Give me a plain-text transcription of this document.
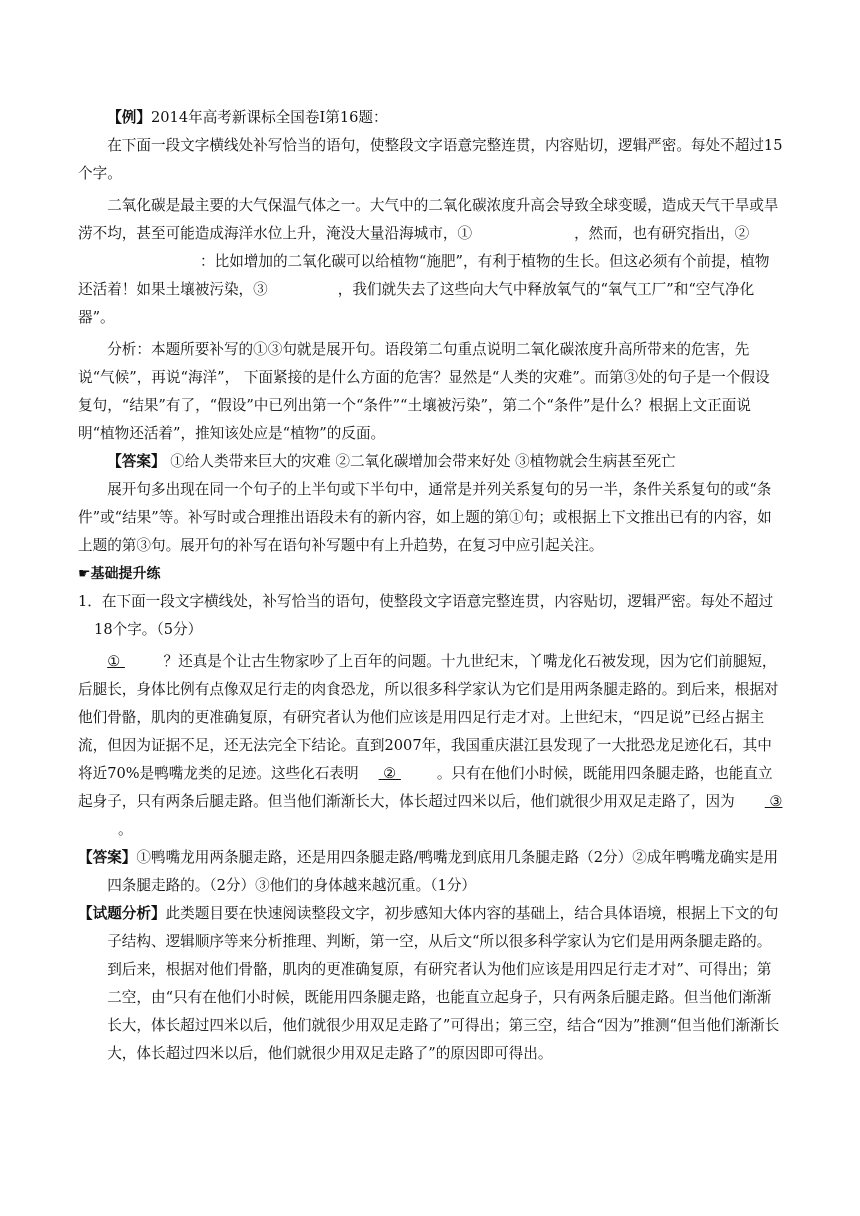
【例】2014年高考新课标全国卷Ⅰ第16题：

在下面一段文字横线处补写恰当的语句，使整段文字语意完整连贯，内容贴切，逻辑严密。每处不超过15个字。

二氧化碳是最主要的大气保温气体之一。大气中的二氧化碳浓度升高会导致全球变暖，造成天气干旱或旱涝不均，甚至可能造成海洋水位上升，淹没大量沿海城市，①	，然而，也有研究指出，②：比如增加的二氧化碳可以给植物“施肥”，有利于植物的生长。但这必须有个前提，植物还活着！如果土壤被污染，③	，我们就失去了这些向大气中释放氧气的“氧气工厂”和“空气净化器”。

分析：本题所要补写的①③句就是展开句。语段第二句重点说明二氧化碳浓度升高所带来的危害，先说“气候”，再说“海洋”， 下面紧接的是什么方面的危害？显然是“人类的灾难”。而第③处的句子是一个假设复句，“结果”有了，“假设”中已列出第一个“条件”“土壤被污染”，第二个“条件”是什么？根据上文正面说明“植物还活着”，推知该处应是“植物”的反面。

【答案】 ①给人类带来巨大的灾难 ②二氧化碳增加会带来好处 ③植物就会生病甚至死亡

展开句多出现在同一个句子的上半句或下半句中，通常是并列关系复句的另一半，条件关系复句的或“条件”或“结果”等。补写时或合理推出语段未有的新内容，如上题的第①句；或根据上下文推出已有的内容，如上题的第③句。展开句的补写在语句补写题中有上升趋势，在复习中应引起关注。

☛基础提升练

1．在下面一段文字横线处，补写恰当的语句，使整段文字语意完整连贯，内容贴切，逻辑严密。每处不超过18个字。（5分）

①  ？还真是个让古生物家吵了上百年的问题。十九世纪末，丫嘴龙化石被发现，因为它们前腿短，后腿长，身体比例有点像双足行走的肉食恐龙，所以很多科学家认为它们是用两条腿走路的。到后来，根据对他们骨骼，肌肉的更准确复原，有研究者认为他们应该是用四足行走才对。上世纪末，“四足说”已经占据主流，但因为证据不足，还无法完全下结论。直到2007年，我国重庆湛江县发现了一大批恐龙足迹化石，其中将近70%是鸭嘴龙类的足迹。这些化石表明 ② 。只有在他们小时候，既能用四条腿走路，也能直立起身子，只有两条后腿走路。但当他们渐渐长大，体长超过四米以后，他们就很少用双足走路了，因为 ③ 。

【答案】①鸭嘴龙用两条腿走路，还是用四条腿走路/鸭嘴龙到底用几条腿走路（2分）②成年鸭嘴龙确实是用四条腿走路的。（2分）③他们的身体越来越沉重。（1分）

【试题分析】此类题目要在快速阅读整段文字，初步感知大体内容的基础上，结合具体语境，根据上下文的句子结构、逻辑顺序等来分析推理、判断，第一空，从后文“所以很多科学家认为它们是用两条腿走路的。到后来，根据对他们骨骼，肌肉的更准确复原，有研究者认为他们应该是用四足行走才对”、可得出；第二空，由“只有在他们小时候，既能用四条腿走路，也能直立起身子，只有两条后腿走路。但当他们渐渐长大，体长超过四米以后，他们就很少用双足走路了”可得出；第三空，结合“因为”推测“但当他们渐渐长大，体长超过四米以后，他们就很少用双足走路了”的原因即可得出。
